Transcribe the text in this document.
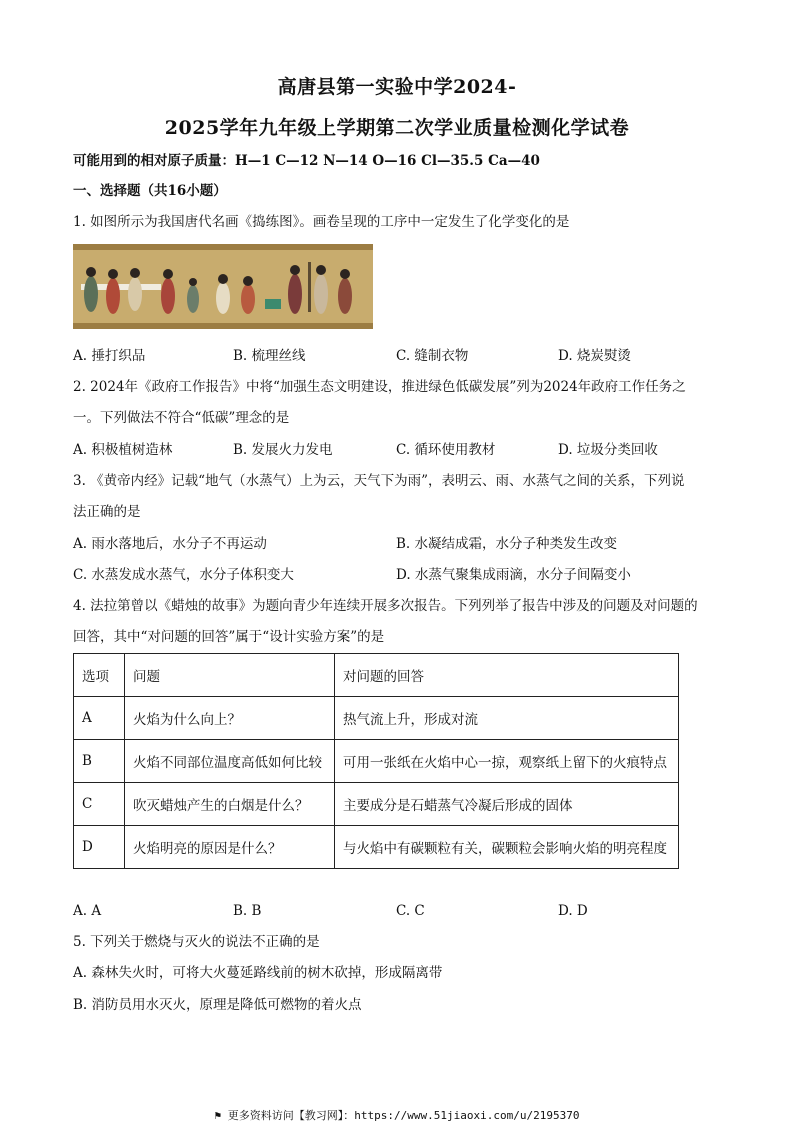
高唐县第一实验中学2024-
2025学年九年级上学期第二次学业质量检测化学试卷
可能用到的相对原子质量：H—1 C—12 N—14 O—16 Cl—35.5 Ca—40
一、选择题（共16小题）
1. 如图所示为我国唐代名画《捣练图》。画卷呈现的工序中一定发生了化学变化的是
A. 捶打织品	B. 梳理丝线	C. 缝制衣物	D. 烧炭熨烫
2. 2024年《政府工作报告》中将“加强生态文明建设，推进绿色低碳发展”列为2024年政府工作任务之
一。下列做法不符合“低碳”理念的是
A. 积极植树造林	B. 发展火力发电	C. 循环使用教材	D. 垃圾分类回收
3. 《黄帝内经》记载“地气（水蒸气）上为云，天气下为雨”，表明云、雨、水蒸气之间的关系，下列说
法正确的是
A. 雨水落地后，水分子不再运动	B. 水凝结成霜，水分子种类发生改变
C. 水蒸发成水蒸气，水分子体积变大	D. 水蒸气聚集成雨滴，水分子间隔变小
4. 法拉第曾以《蜡烛的故事》为题向青少年连续开展多次报告。下列列举了报告中涉及的问题及对问题的
回答，其中“对问题的回答”属于“设计实验方案”的是
选项	问题	对问题的回答
A	火焰为什么向上？	热气流上升，形成对流
B	火焰不同部位温度高低如何比较	可用一张纸在火焰中心一掠，观察纸上留下的火痕特点
C	吹灭蜡烛产生的白烟是什么？	主要成分是石蜡蒸气冷凝后形成的固体
D	火焰明亮的原因是什么？	与火焰中有碳颗粒有关，碳颗粒会影响火焰的明亮程度
A. A	B. B	C. C	D. D
5. 下列关于燃烧与灭火的说法不正确的是
A. 森林失火时，可将大火蔓延路线前的树木砍掉，形成隔离带
B. 消防员用水灭火，原理是降低可燃物的着火点
⚑ 更多资料访问【教习网】：https://www.51jiaoxi.com/u/2195370
